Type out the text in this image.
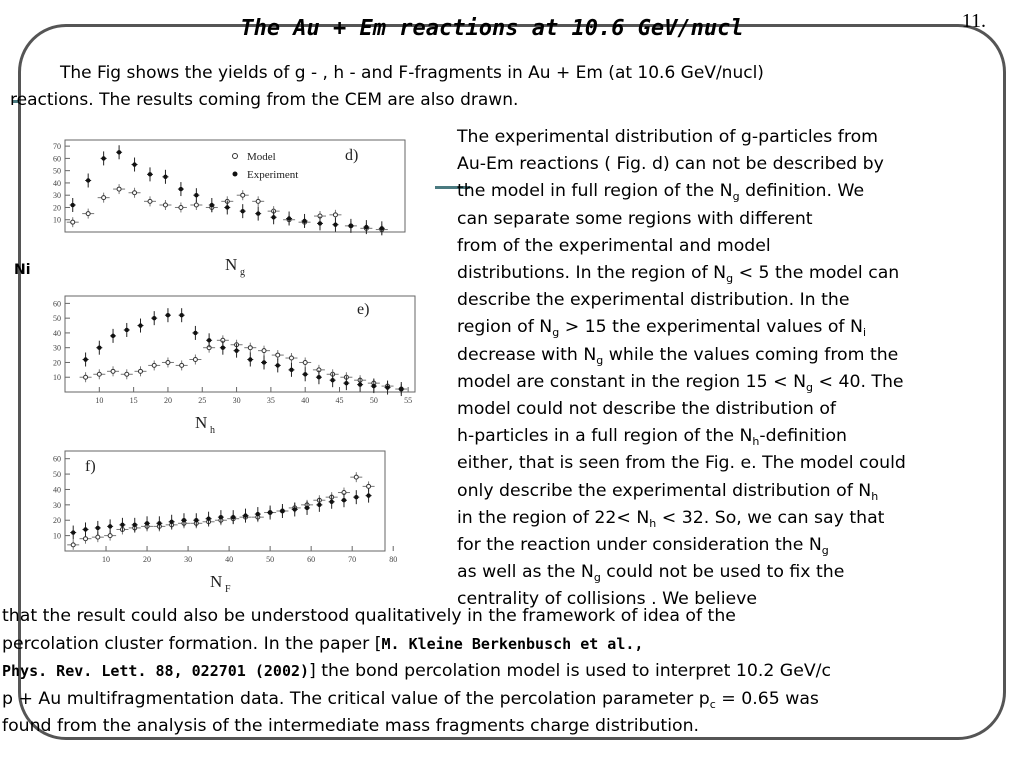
The Au + Em reactions at 10.6 GeV/nucl	11.
The Fig shows the yields of g - , h - and F-fragments in Au + Em (at 10.6 GeV/nucl)
reactions. The results coming from the CEM are also drawn.
Ni
10
20
30
40
50
60
70
d)
N g
Model
Experiment
10
20
30
40
50
60
10	15	20	25	30	35	40	45	50	55
e)
N h
10
20
30
40
50
60
10	20	30	40	50	60	70	80
f)
N F
The experimental distribution of g-particles from
Au-Em reactions ( Fig. d) can not be described by
the model in full region of the $N_g$ definition. We
can separate some regions with different
from of the experimental and model
distributions. In the region of $N_g < 5$ the model can
describe the experimental distribution. In the
region of $N_g > 15$ the experimental values of $N_i$
decrease with $N_g$ while the values coming from the
model are constant in the region $15 < N_g < 40$. The
model could not describe the distribution of
h-particles in a full region of the $N_h$-definition
either, that is seen from the Fig. e. The model could
only describe the experimental distribution of $N_h$
in the region of $22< N_h < 32$. So, we can say that
for the reaction under consideration the $N_g$
as well as the $N_g$ could not be used to fix the
centrality of collisions . We believe
that the result could also be understood qualitatively in the framework of idea of the
percolation cluster formation. In the paper [M. Kleine Berkenbusch et al.,
Phys. Rev. Lett. 88, 022701 (2002)] the bond percolation model is used to interpret 10.2 GeV/c
p + Au multifragmentation data. The critical value of the percolation parameter $p_c = 0.65$ was
found from the analysis of the intermediate mass fragments charge distribution.
